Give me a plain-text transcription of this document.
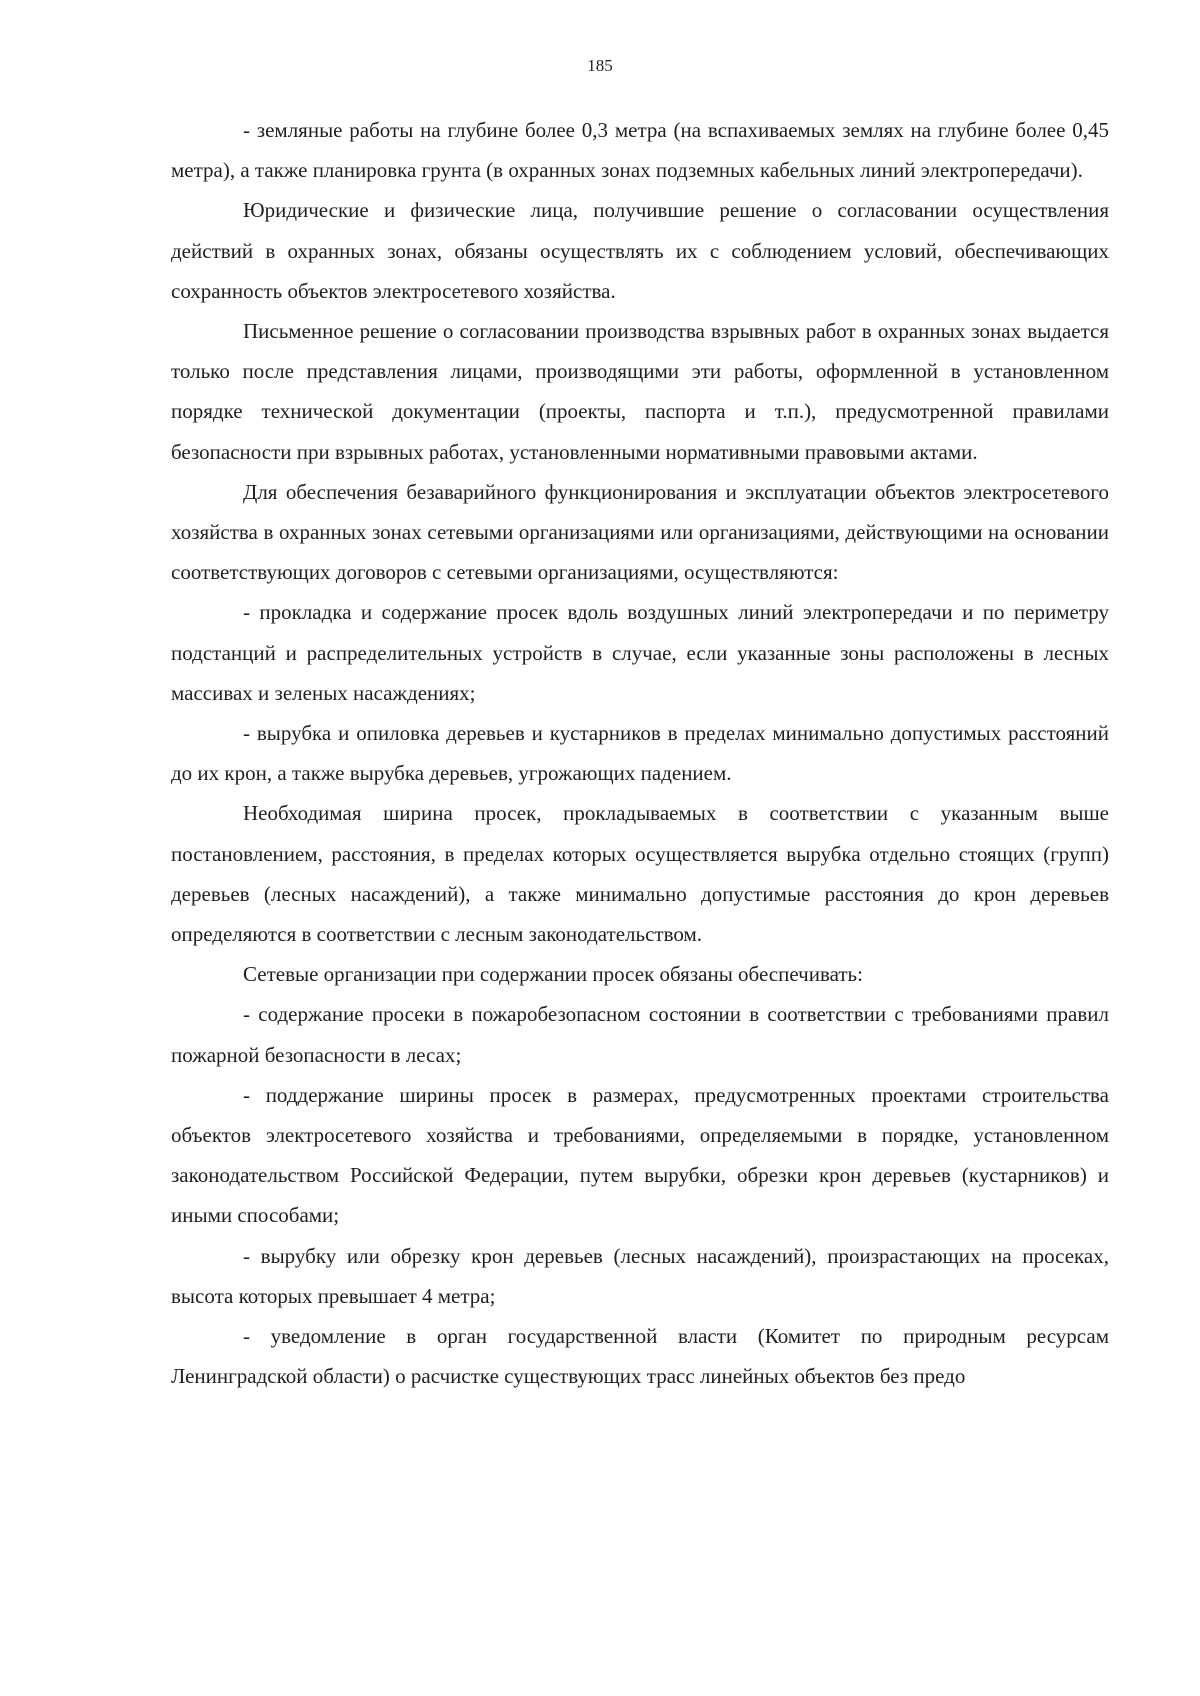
185

- земляные работы на глубине более 0,3 метра (на вспахиваемых землях на глубине более 0,45 метра), а также планировка грунта (в охранных зонах подземных кабельных линий электропередачи).

Юридические и физические лица, получившие решение о согласовании осуществления действий в охранных зонах, обязаны осуществлять их с соблюдением условий, обеспечивающих сохранность объектов электросетевого хозяйства.

Письменное решение о согласовании производства взрывных работ в охранных зонах выдается только после представления лицами, производящими эти работы, оформленной в установленном порядке технической документации (проекты, паспорта и т.п.), предусмотренной правилами безопасности при взрывных работах, установленными нормативными правовыми актами.

Для обеспечения безаварийного функционирования и эксплуатации объектов электросетевого хозяйства в охранных зонах сетевыми организациями или организациями, действующими на основании соответствующих договоров с сетевыми организациями, осуществляются:

- прокладка и содержание просек вдоль воздушных линий электропередачи и по периметру подстанций и распределительных устройств в случае, если указанные зоны расположены в лесных массивах и зеленых насаждениях;

- вырубка и опиловка деревьев и кустарников в пределах минимально допустимых расстояний до их крон, а также вырубка деревьев, угрожающих падением.

Необходимая ширина просек, прокладываемых в соответствии с указанным выше постановлением, расстояния, в пределах которых осуществляется вырубка отдельно стоящих (групп) деревьев (лесных насаждений), а также минимально допустимые расстояния до крон деревьев определяются в соответствии с лесным законодательством.

Сетевые организации при содержании просек обязаны обеспечивать:

- содержание просеки в пожаробезопасном состоянии в соответствии с требованиями правил пожарной безопасности в лесах;

- поддержание ширины просек в размерах, предусмотренных проектами строительства объектов электросетевого хозяйства и требованиями, определяемыми в порядке, установленном законодательством Российской Федерации, путем вырубки, обрезки крон деревьев (кустарников) и иными способами;

- вырубку или обрезку крон деревьев (лесных насаждений), произрастающих на просеках, высота которых превышает 4 метра;

- уведомление в орган государственной власти (Комитет по природным ресурсам Ленинградской области) о расчистке существующих трасс линейных объектов без предо
